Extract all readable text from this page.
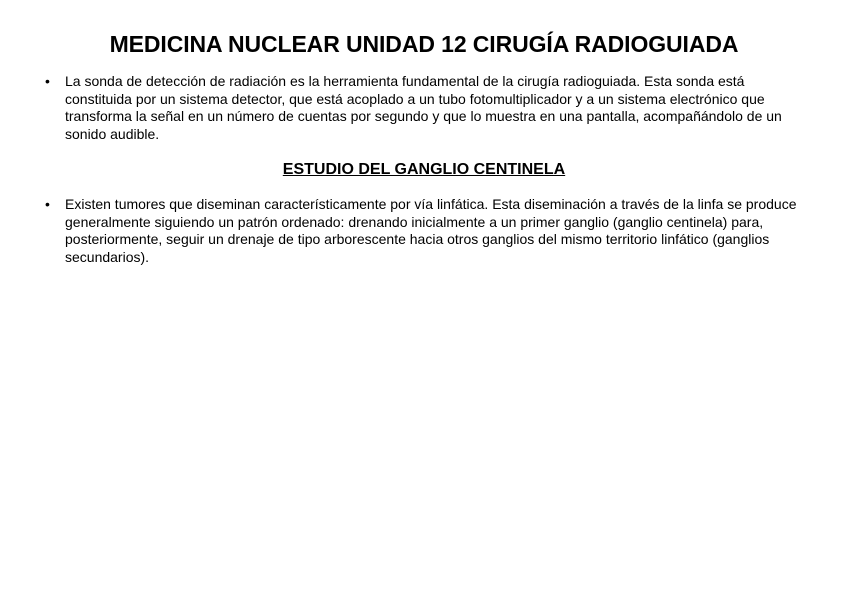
MEDICINA NUCLEAR UNIDAD 12 CIRUGÍA RADIOGUIADA
• La sonda de detección de radiación es la herramienta fundamental de la cirugía radioguiada. Esta sonda está constituida por un sistema detector, que está acoplado a un tubo fotomultiplicador y a un sistema electrónico que transforma la señal en un número de cuentas por segundo y que lo muestra en una pantalla, acompañándolo de un sonido audible.
ESTUDIO DEL GANGLIO CENTINELA
• Existen tumores que diseminan característicamente por vía linfática. Esta diseminación a través de la linfa se produce generalmente siguiendo un patrón ordenado: drenando inicialmente a un primer ganglio (ganglio centinela) para, posteriormente, seguir un drenaje de tipo arborescente hacia otros ganglios del mismo territorio linfático (ganglios secundarios).
